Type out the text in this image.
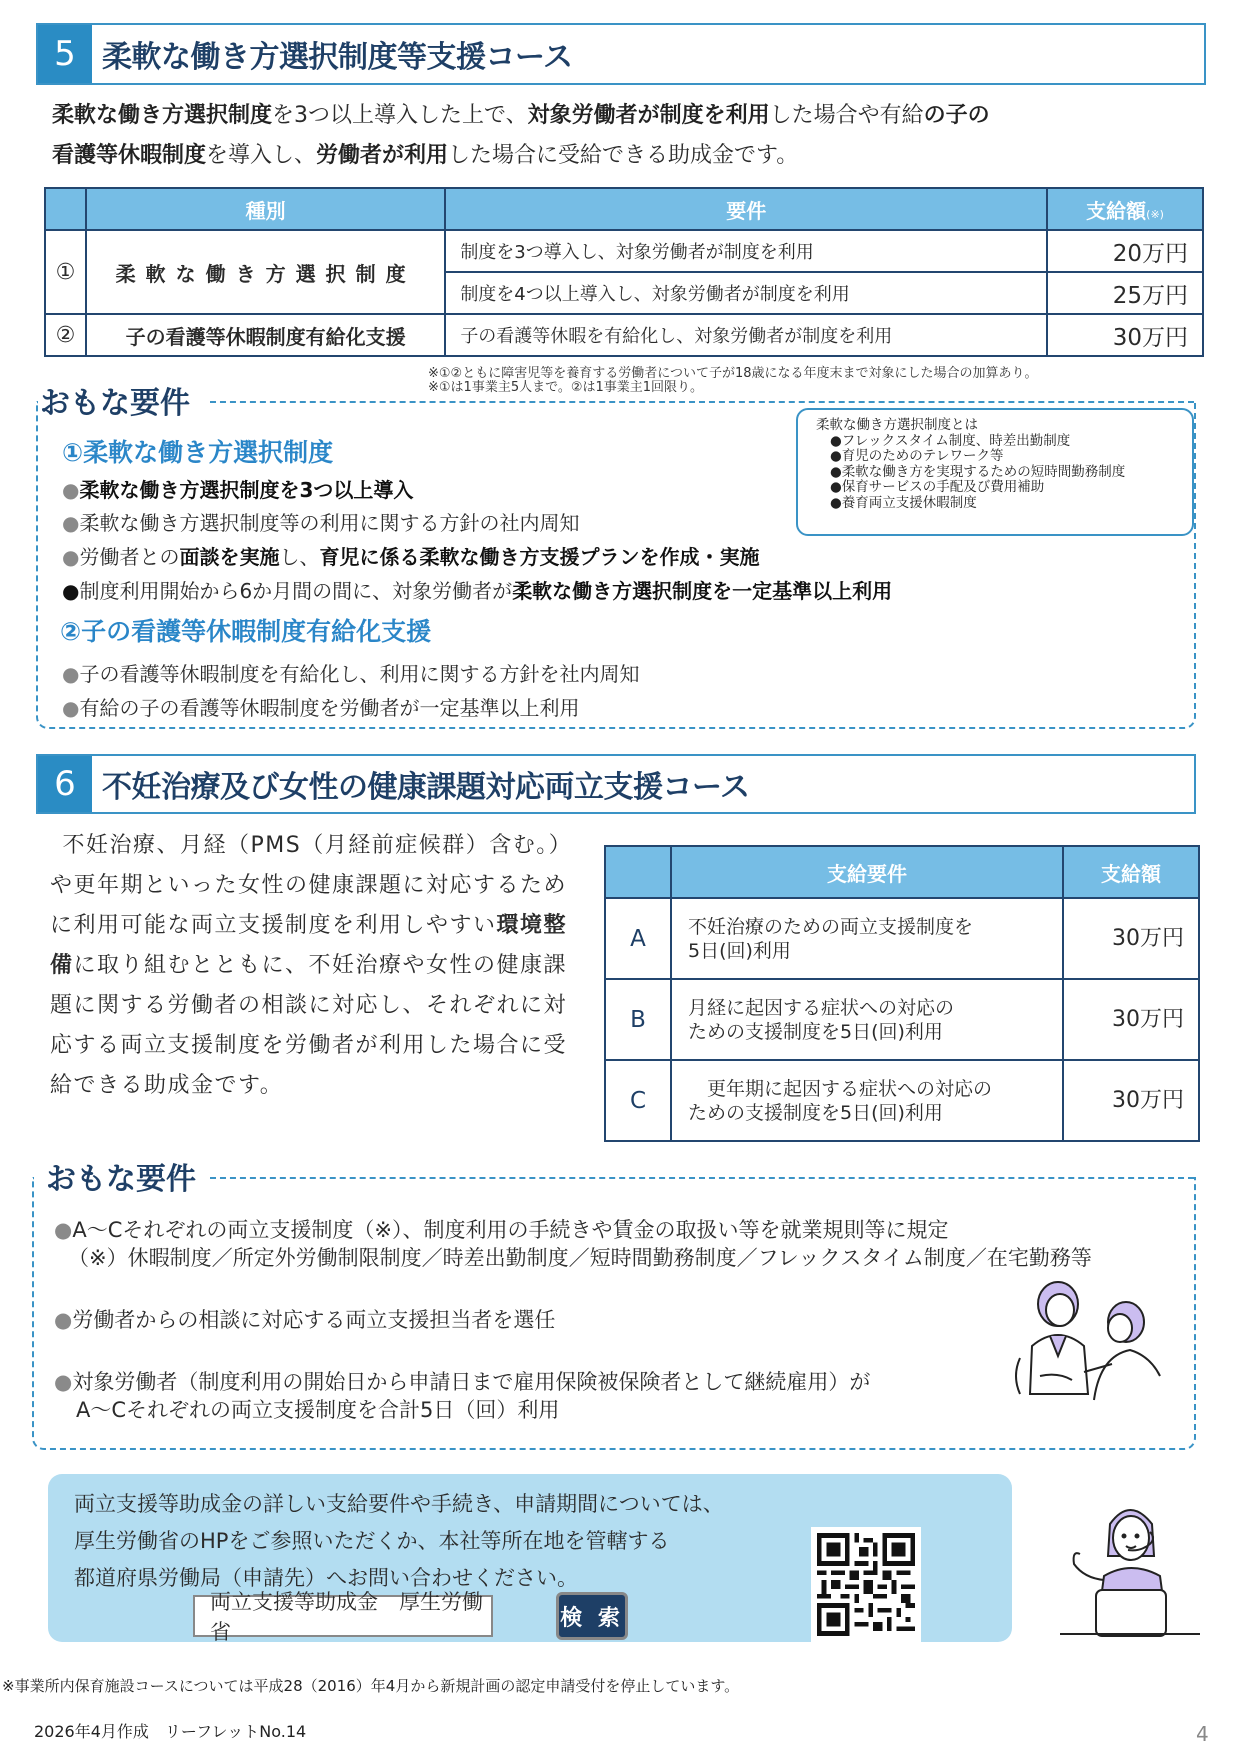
5 柔軟な働き方選択制度等支援コース
柔軟な働き方選択制度を3つ以上導入した上で、対象労働者が制度を利用した場合や有給の子の
看護等休暇制度を導入し、労働者が利用した場合に受給できる助成金です。
	種別	要件	支給額(※)
①	柔軟な働き方選択制度	制度を3つ導入し、対象労働者が制度を利用	20万円
		制度を4つ以上導入し、対象労働者が制度を利用	25万円
②	子の看護等休暇制度有給化支援	子の看護等休暇を有給化し、対象労働者が制度を利用	30万円
※①②ともに障害児等を養育する労働者について子が18歳になる年度末まで対象にした場合の加算あり。
※①は1事業主5人まで。②は1事業主1回限り。
おもな要件
柔軟な働き方選択制度とは
●フレックスタイム制度、時差出勤制度
●育児のためのテレワーク等
●柔軟な働き方を実現するための短時間勤務制度
●保育サービスの手配及び費用補助
●養育両立支援休暇制度
①柔軟な働き方選択制度
●柔軟な働き方選択制度を3つ以上導入
●柔軟な働き方選択制度等の利用に関する方針の社内周知
●労働者との面談を実施し、育児に係る柔軟な働き方支援プランを作成・実施
●制度利用開始から6か月間の間に、対象労働者が柔軟な働き方選択制度を一定基準以上利用
②子の看護等休暇制度有給化支援
●子の看護等休暇制度を有給化し、利用に関する方針を社内周知
●有給の子の看護等休暇制度を労働者が一定基準以上利用
6 不妊治療及び女性の健康課題対応両立支援コース
 不妊治療、月経（PMS（月経前症候群）含む。）や更年期といった女性の健康課題に対応するために利用可能な両立支援制度を利用しやすい環境整備に取り組むとともに、不妊治療や女性の健康課題に関する労働者の相談に対応し、それぞれに対応する両立支援制度を労働者が利用した場合に受給できる助成金です。
	支給要件	支給額
A	不妊治療のための両立支援制度を
5日(回)利用	30万円
B	月経に起因する症状への対応の
ための支援制度を5日(回)利用	30万円
C	　更年期に起因する症状への対応の
ための支援制度を5日(回)利用	30万円
おもな要件
●A～Cそれぞれの両立支援制度（※）、制度利用の手続きや賃金の取扱い等を就業規則等に規定
（※）休暇制度／所定外労働制限制度／時差出勤制度／短時間勤務制度／フレックスタイム制度／在宅勤務等
●労働者からの相談に対応する両立支援担当者を選任
●対象労働者（制度利用の開始日から申請日まで雇用保険被保険者として継続雇用）が
A～Cそれぞれの両立支援制度を合計5日（回）利用
両立支援等助成金の詳しい支給要件や手続き、申請期間については、
厚生労働省のHPをご参照いただくか、本社等所在地を管轄する
都道府県労働局（申請先）へお問い合わせください。
両立支援等助成金　厚生労働省
検 索
※事業所内保育施設コースについては平成28（2016）年4月から新規計画の認定申請受付を停止しています。
2026年4月作成　リーフレットNo.14	4
